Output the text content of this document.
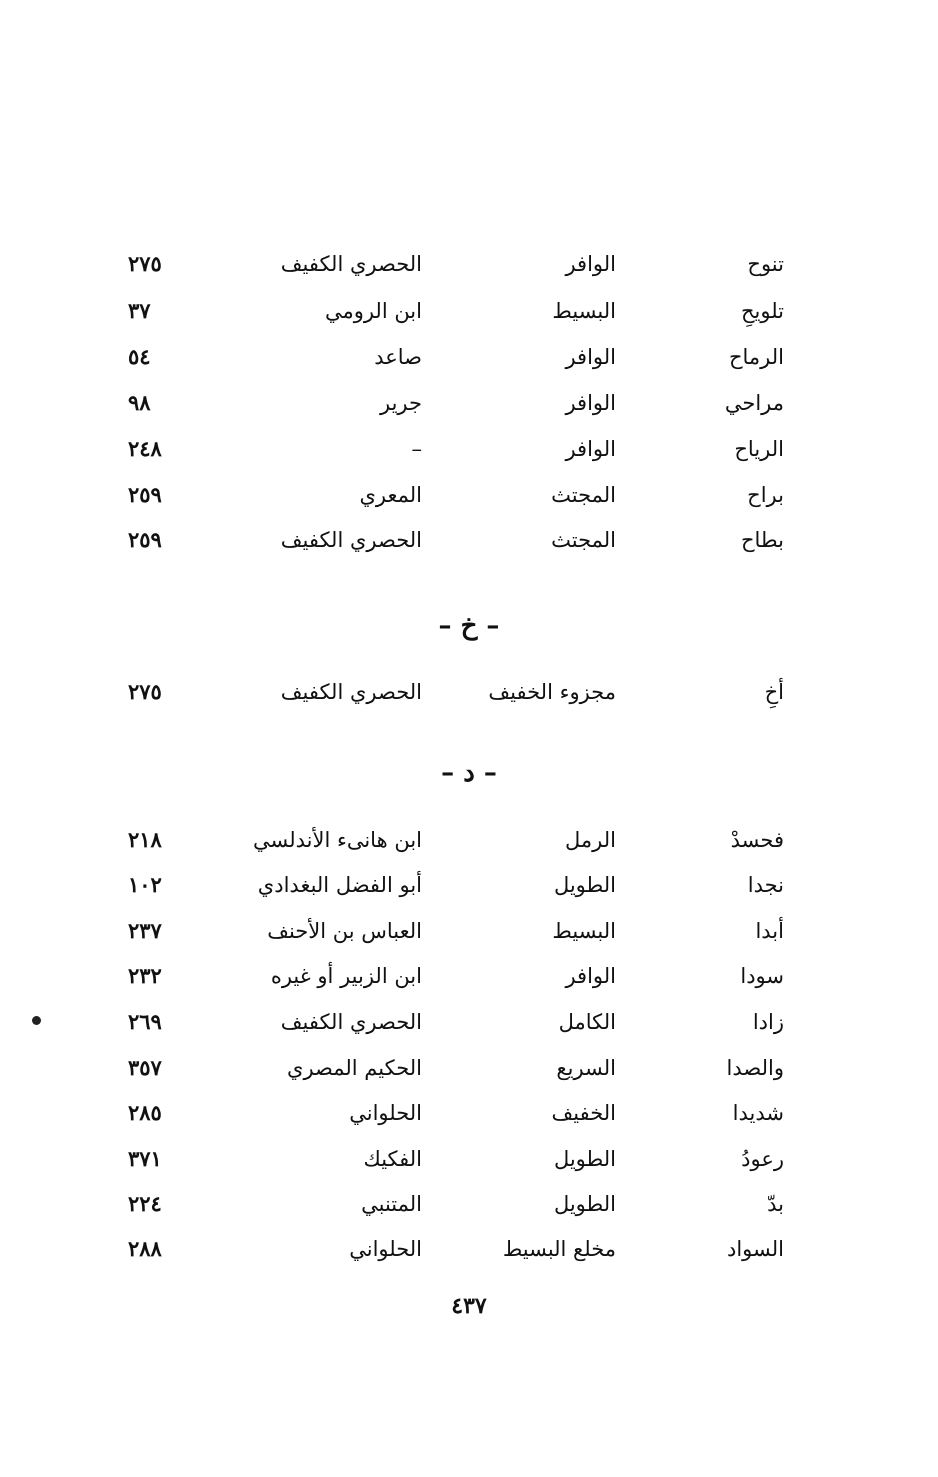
تنوح
الوافر
الحصري الكفيف
٢٧٥
تلويحِ
البسيط
ابن الرومي
٣٧
الرماح
الوافر
صاعد
٥٤
مراحي
الوافر
جرير
٩٨
الرياح
الوافر
–
٢٤٨
براح
المجتث
المعري
٢٥٩
بطاح
المجتث
الحصري الكفيف
٢٥٩
– خ –
أخِ
مجزوء الخفيف
الحصري الكفيف
٢٧٥
– د –
فحسدْ
الرمل
ابن هانىء الأندلسي
٢١٨
نجدا
الطويل
أبو الفضل البغدادي
١٠٢
أبدا
البسيط
العباس بن الأحنف
٢٣٧
سودا
الوافر
ابن الزبير أو غيره
٢٣٢
زادا
الكامل
الحصري الكفيف
٢٦٩
والصدا
السريع
الحكيم المصري
٣٥٧
شديدا
الخفيف
الحلواني
٢٨٥
رعودُ
الطويل
الفكيك
٣٧١
بدّ
الطويل
المتنبي
٢٢٤
السواد
مخلع البسيط
الحلواني
٢٨٨
٤٣٧
